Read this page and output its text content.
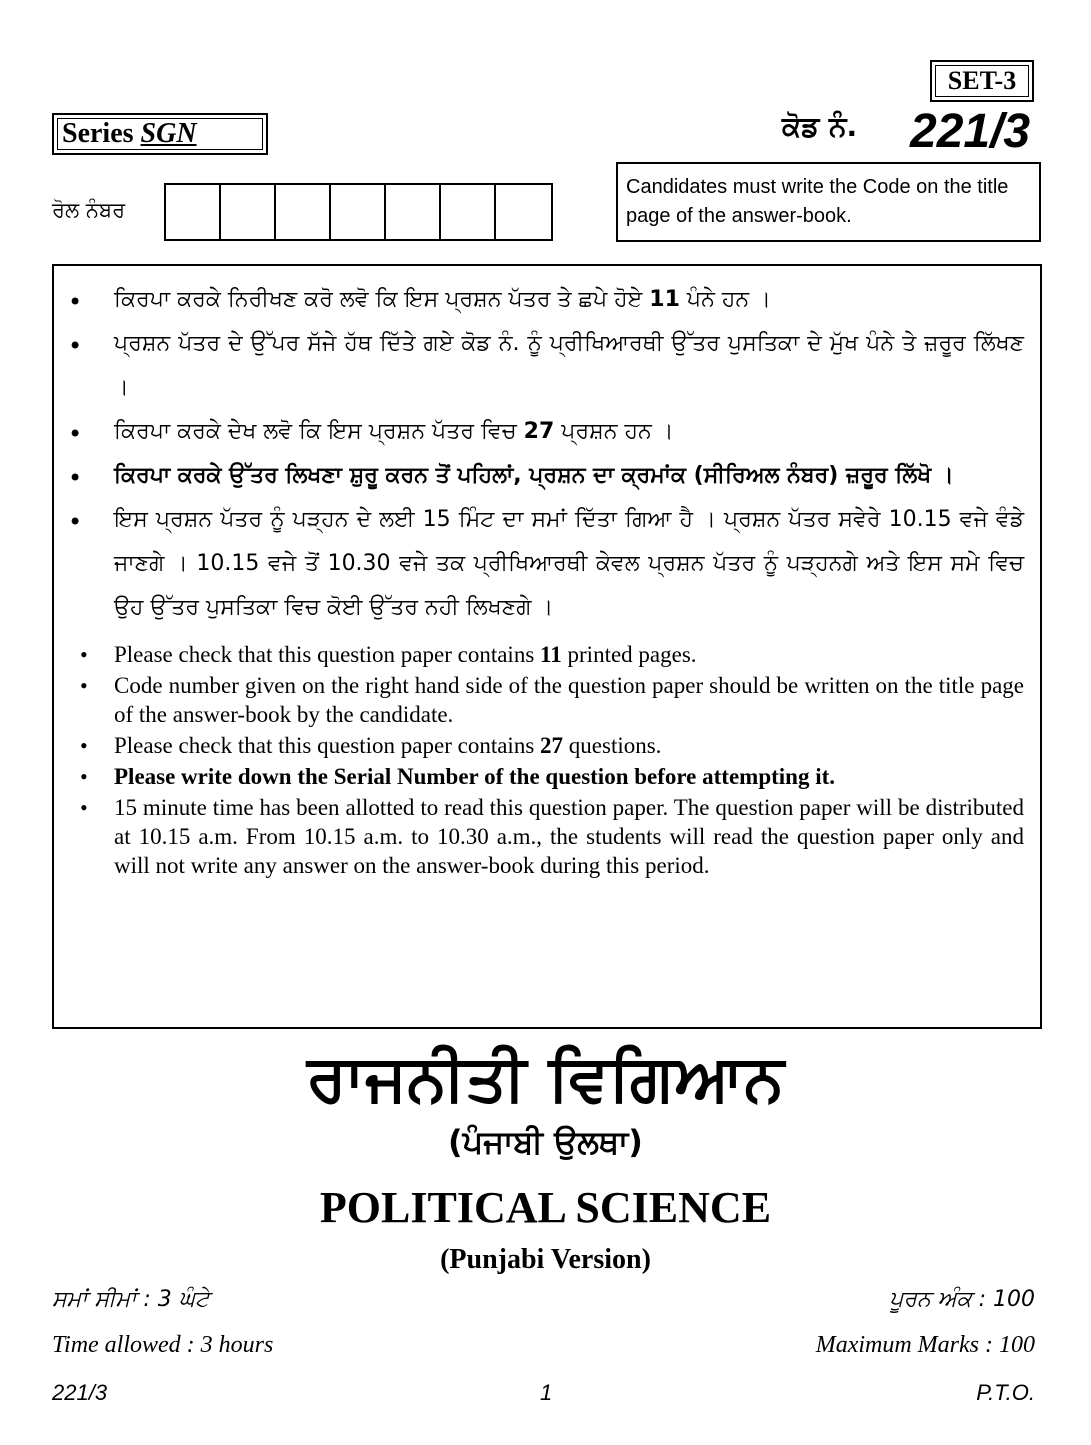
SET-3
Series SGN	ਕੋਡ ਨੰ. 221/3
ਰੋਲ ਨੰਬਰ
Candidates must write the Code on the title page of the answer-book.
• ਕਿਰਪਾ ਕਰਕੇ ਨਿਰੀਖਣ ਕਰੋ ਲਵੋ ਕਿ ਇਸ ਪ੍ਰਸ਼ਨ ਪੱਤਰ ਤੇ ਛਪੇ ਹੋਏ 11 ਪੰਨੇ ਹਨ ।
• ਪ੍ਰਸ਼ਨ ਪੱਤਰ ਦੇ ਉੱਪਰ ਸੱਜੇ ਹੱਥ ਦਿੱਤੇ ਗਏ ਕੋਡ ਨੰ. ਨੂੰ ਪ੍ਰੀਖਿਆਰਥੀ ਉੱਤਰ ਪੁਸਤਿਕਾ ਦੇ ਮੁੱਖ ਪੰਨੇ ਤੇ ਜ਼ਰੂਰ ਲਿੱਖਣ ।
• ਕਿਰਪਾ ਕਰਕੇ ਦੇਖ ਲਵੋ ਕਿ ਇਸ ਪ੍ਰਸ਼ਨ ਪੱਤਰ ਵਿਚ 27 ਪ੍ਰਸ਼ਨ ਹਨ ।
• ਕਿਰਪਾ ਕਰਕੇ ਉੱਤਰ ਲਿਖਣਾ ਸ਼ੁਰੂ ਕਰਨ ਤੋਂ ਪਹਿਲਾਂ, ਪ੍ਰਸ਼ਨ ਦਾ ਕ੍ਰਮਾਂਕ (ਸੀਰਿਅਲ ਨੰਬਰ) ਜ਼ਰੂਰ ਲਿੱਖੋ ।
• ਇਸ ਪ੍ਰਸ਼ਨ ਪੱਤਰ ਨੂੰ ਪੜ੍ਹਨ ਦੇ ਲਈ 15 ਮਿੰਟ ਦਾ ਸਮਾਂ ਦਿੱਤਾ ਗਿਆ ਹੈ । ਪ੍ਰਸ਼ਨ ਪੱਤਰ ਸਵੇਰੇ 10.15 ਵਜੇ ਵੰਡੇ ਜਾਣਗੇ । 10.15 ਵਜੇ ਤੋਂ 10.30 ਵਜੇ ਤਕ ਪ੍ਰੀਖਿਆਰਥੀ ਕੇਵਲ ਪ੍ਰਸ਼ਨ ਪੱਤਰ ਨੂੰ ਪੜ੍ਹਨਗੇ ਅਤੇ ਇਸ ਸਮੇ ਵਿਚ ਉਹ ਉੱਤਰ ਪੁਸਤਿਕਾ ਵਿਚ ਕੋਈ ਉੱਤਰ ਨਹੀ ਲਿਖਣਗੇ ।
• Please check that this question paper contains 11 printed pages.
• Code number given on the right hand side of the question paper should be written on the title page of the answer-book by the candidate.
• Please check that this question paper contains 27 questions.
• Please write down the Serial Number of the question before attempting it.
• 15 minute time has been allotted to read this question paper. The question paper will be distributed at 10.15 a.m. From 10.15 a.m. to 10.30 a.m., the students will read the question paper only and will not write any answer on the answer-book during this period.
ਰਾਜਨੀਤੀ ਵਿਗਿਆਨ
(ਪੰਜਾਬੀ ਉਲਥਾ)
POLITICAL SCIENCE
(Punjabi Version)
ਸਮਾਂ ਸੀਮਾਂ : 3 ਘੰਟੇ	ਪੂਰਨ ਅੰਕ : 100
Time allowed : 3 hours	Maximum Marks : 100
221/3	1	P.T.O.
